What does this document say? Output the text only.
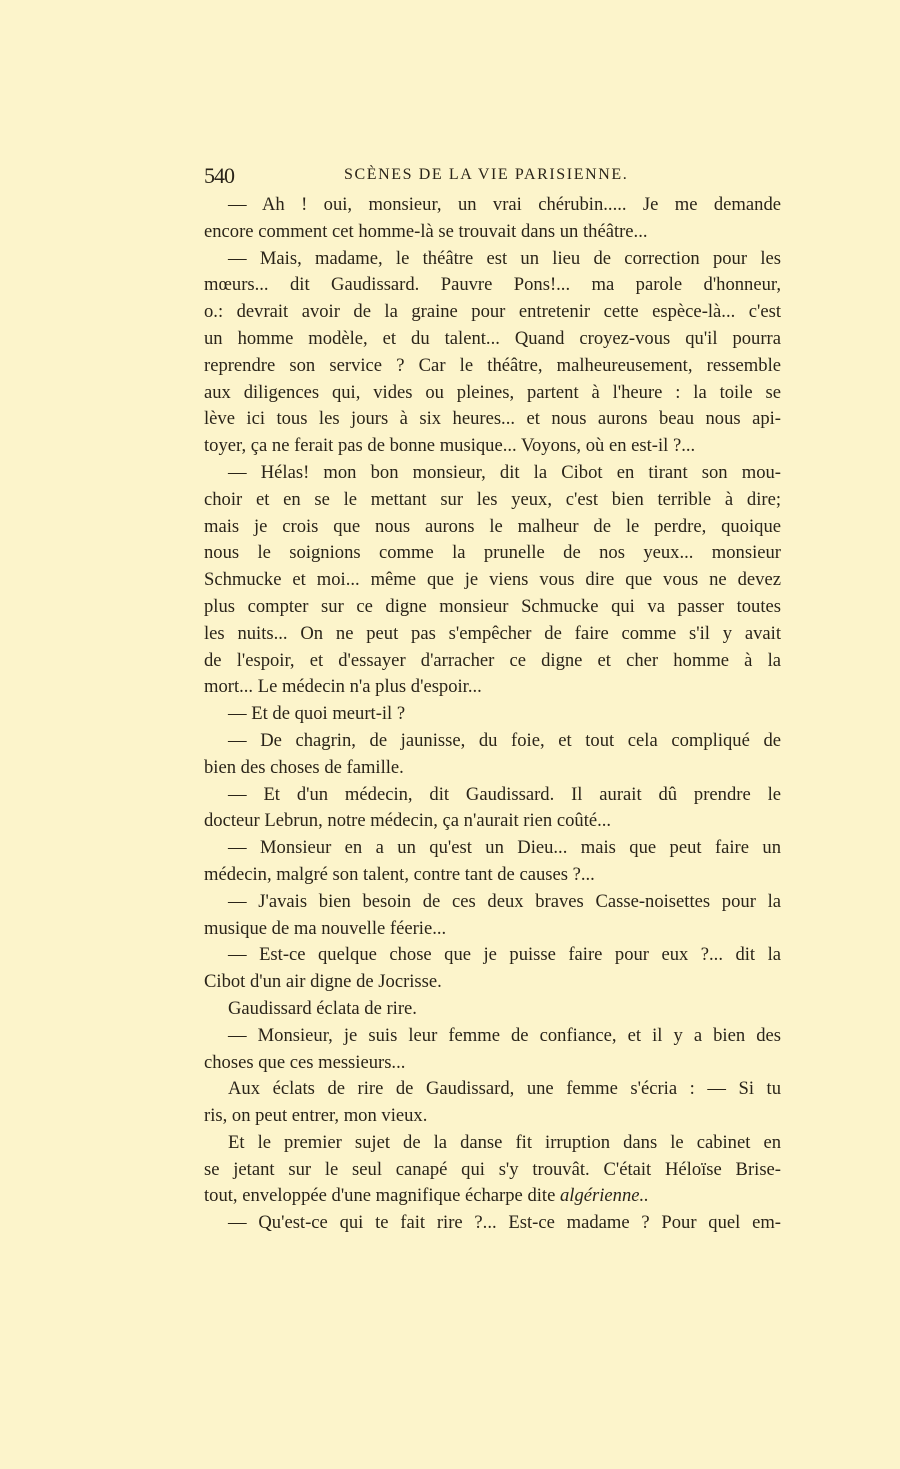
540	SCÈNES DE LA VIE PARISIENNE.
— Ah ! oui, monsieur, un vrai chérubin..... Je me demande
encore comment cet homme-là se trouvait dans un théâtre...
— Mais, madame, le théâtre est un lieu de correction pour les
mœurs... dit Gaudissard. Pauvre Pons!... ma parole d'honneur,
o.: devrait avoir de la graine pour entretenir cette espèce-là... c'est
un homme modèle, et du talent... Quand croyez-vous qu'il pourra
reprendre son service ? Car le théâtre, malheureusement, ressemble
aux diligences qui, vides ou pleines, partent à l'heure : la toile se
lève ici tous les jours à six heures... et nous aurons beau nous api-
toyer, ça ne ferait pas de bonne musique... Voyons, où en est-il ?...
— Hélas! mon bon monsieur, dit la Cibot en tirant son mou-
choir et en se le mettant sur les yeux, c'est bien terrible à dire;
mais je crois que nous aurons le malheur de le perdre, quoique
nous le soignions comme la prunelle de nos yeux... monsieur
Schmucke et moi... même que je viens vous dire que vous ne devez
plus compter sur ce digne monsieur Schmucke qui va passer toutes
les nuits... On ne peut pas s'empêcher de faire comme s'il y avait
de l'espoir, et d'essayer d'arracher ce digne et cher homme à la
mort... Le médecin n'a plus d'espoir...
— Et de quoi meurt-il ?
— De chagrin, de jaunisse, du foie, et tout cela compliqué de
bien des choses de famille.
— Et d'un médecin, dit Gaudissard. Il aurait dû prendre le
docteur Lebrun, notre médecin, ça n'aurait rien coûté...
— Monsieur en a un qu'est un Dieu... mais que peut faire un
médecin, malgré son talent, contre tant de causes ?...
— J'avais bien besoin de ces deux braves Casse-noisettes pour la
musique de ma nouvelle féerie...
— Est-ce quelque chose que je puisse faire pour eux ?... dit la
Cibot d'un air digne de Jocrisse.
Gaudissard éclata de rire.
— Monsieur, je suis leur femme de confiance, et il y a bien des
choses que ces messieurs...
Aux éclats de rire de Gaudissard, une femme s'écria : — Si tu
ris, on peut entrer, mon vieux.
Et le premier sujet de la danse fit irruption dans le cabinet en
se jetant sur le seul canapé qui s'y trouvât. C'était Héloïse Brise-
tout, enveloppée d'une magnifique écharpe dite algérienne..
— Qu'est-ce qui te fait rire ?... Est-ce madame ? Pour quel em-
